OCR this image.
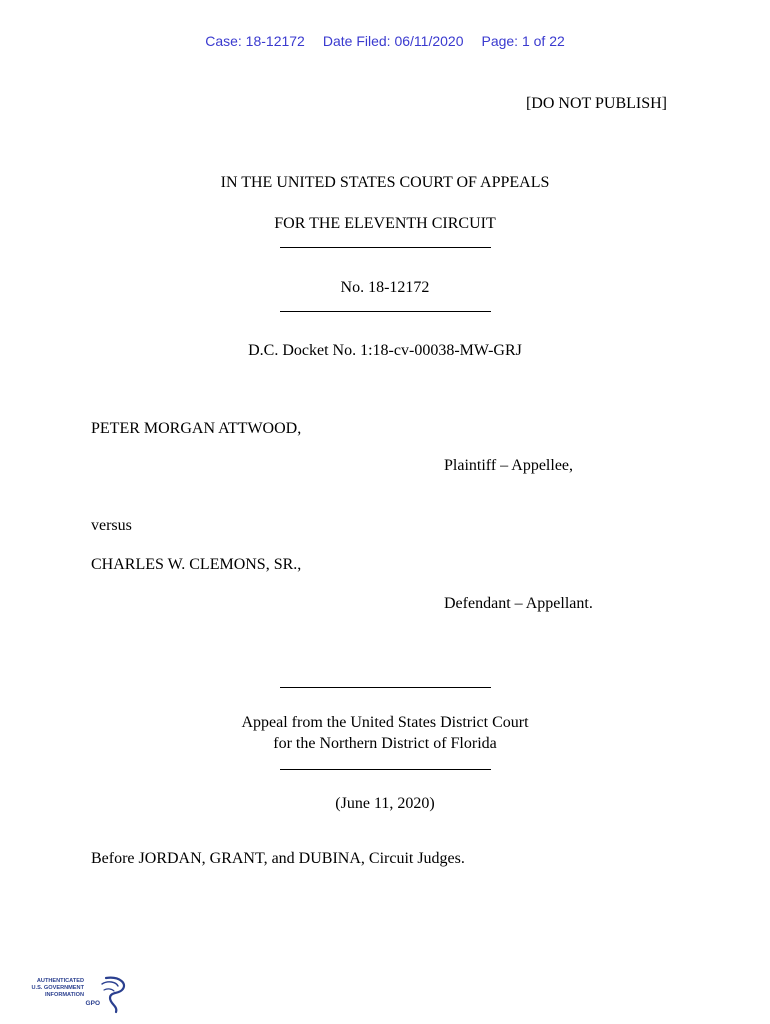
Case: 18-12172 Date Filed: 06/11/2020 Page: 1 of 22
[DO NOT PUBLISH]
IN THE UNITED STATES COURT OF APPEALS
FOR THE ELEVENTH CIRCUIT
No. 18-12172
D.C. Docket No. 1:18-cv-00038-MW-GRJ
PETER MORGAN ATTWOOD,
Plaintiff – Appellee,
versus
CHARLES W. CLEMONS, SR.,
Defendant – Appellant.
Appeal from the United States District Court
for the Northern District of Florida
(June 11, 2020)
Before JORDAN, GRANT, and DUBINA, Circuit Judges.
AUTHENTICATED
U.S. GOVERNMENT
INFORMATION
GPO
